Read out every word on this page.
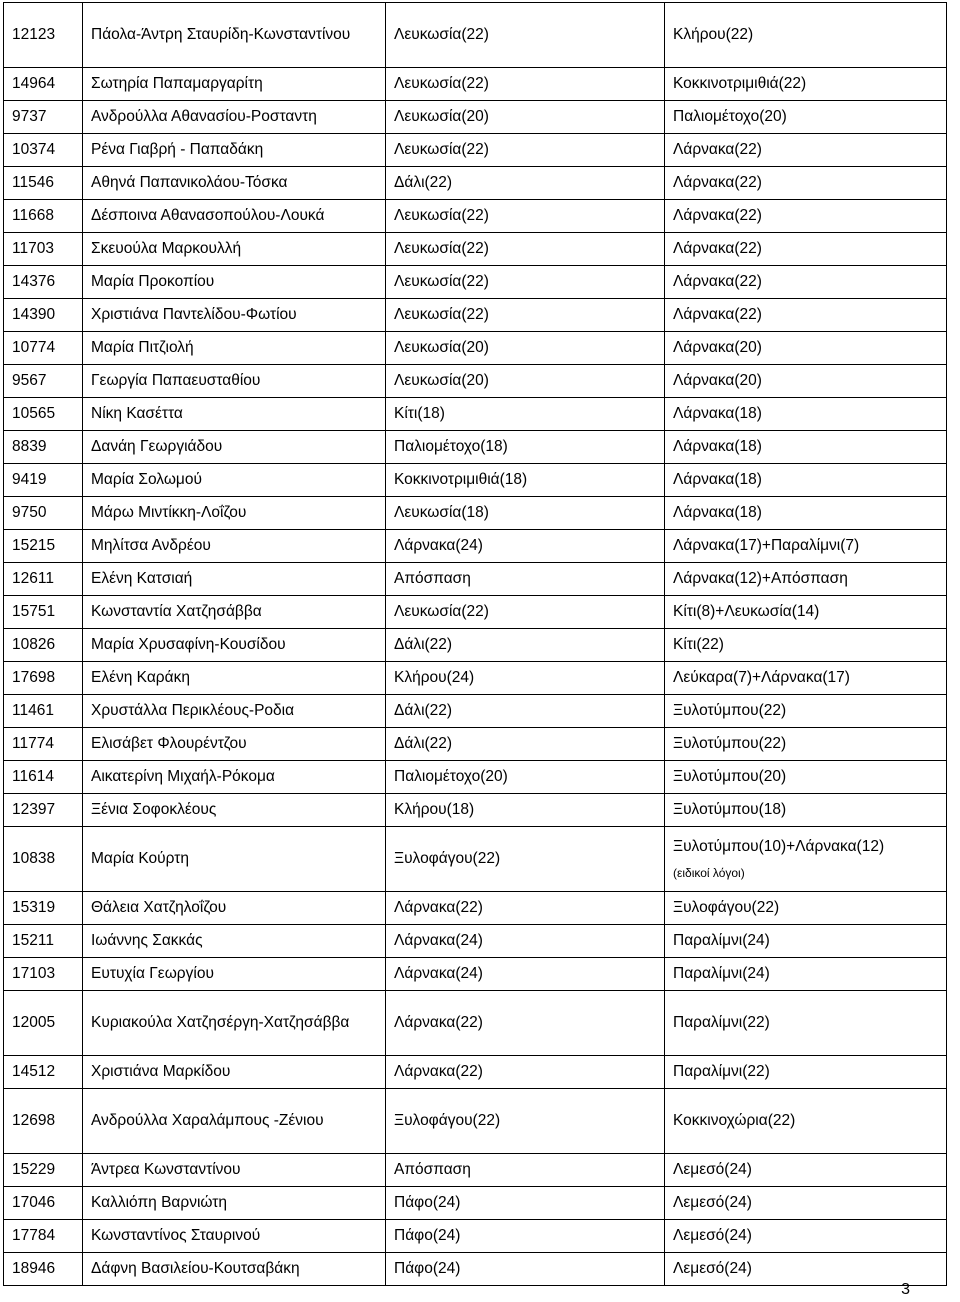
12123	Πάολα-Άντρη Σταυρίδη-Κωνσταντίνου	Λευκωσία(22)	Κλήρου(22)

14964	Σωτηρία Παπαμαργαρίτη	Λευκωσία(22)	Κοκκινοτριμιθιά(22)

9737	Ανδρούλλα Αθανασίου-Ροσταντη	Λευκωσία(20)	Παλιομέτοχο(20)

10374	Ρένα Γιαβρή - Παπαδάκη	Λευκωσία(22)	Λάρνακα(22)

11546	Αθηνά Παπανικολάου-Τόσκα	Δάλι(22)	Λάρνακα(22)

11668	Δέσποινα Αθανασοπούλου-Λουκά	Λευκωσία(22)	Λάρνακα(22)

11703	Σκευούλα Μαρκουλλή	Λευκωσία(22)	Λάρνακα(22)

14376	Μαρία Προκοπίου	Λευκωσία(22)	Λάρνακα(22)

14390	Χριστιάνα Παντελίδου-Φωτίου	Λευκωσία(22)	Λάρνακα(22)

10774	Μαρία Πιτζιολή	Λευκωσία(20)	Λάρνακα(20)

9567	Γεωργία Παπαευσταθίου	Λευκωσία(20)	Λάρνακα(20)

10565	Νίκη Κασέττα	Κίτι(18)	Λάρνακα(18)

8839	Δανάη Γεωργιάδου	Παλιομέτοχο(18)	Λάρνακα(18)

9419	Μαρία Σολωμού	Κοκκινοτριμιθιά(18)	Λάρνακα(18)

9750	Μάρω Μιντίκκη-Λοΐζου	Λευκωσία(18)	Λάρνακα(18)

15215	Μηλίτσα Ανδρέου	Λάρνακα(24)	Λάρνακα(17)+Παραλίμνι(7)

12611	Ελένη Κατσιαή	Απόσπαση	Λάρνακα(12)+Απόσπαση

15751	Κωνσταντία Χατζησάββα	Λευκωσία(22)	Κίτι(8)+Λευκωσία(14)

10826	Μαρία Χρυσαφίνη-Κουσίδου	Δάλι(22)	Κίτι(22)

17698	Ελένη Καράκη	Κλήρου(24)	Λεύκαρα(7)+Λάρνακα(17)

11461	Χρυστάλλα Περικλέους-Ροδια	Δάλι(22)	Ξυλοτύμπου(22)

11774	Ελισάβετ Φλουρέντζου	Δάλι(22)	Ξυλοτύμπου(22)

11614	Αικατερίνη Μιχαήλ-Ρόκομα	Παλιομέτοχο(20)	Ξυλοτύμπου(20)

12397	Ξένια Σοφοκλέους	Κλήρου(18)	Ξυλοτύμπου(18)

10838	Μαρία Κούρτη	Ξυλοφάγου(22)	Ξυλοτύμπου(10)+Λάρνακα(12)
(ειδικοί λόγοι)

15319	Θάλεια Χατζηλοΐζου	Λάρνακα(22)	Ξυλοφάγου(22)

15211	Ιωάννης Σακκάς	Λάρνακα(24)	Παραλίμνι(24)

17103	Ευτυχία Γεωργίου	Λάρνακα(24)	Παραλίμνι(24)

12005	Κυριακούλα Χατζησέργη-Χατζησάββα	Λάρνακα(22)	Παραλίμνι(22)

14512	Χριστιάνα Μαρκίδου	Λάρνακα(22)	Παραλίμνι(22)

12698	Ανδρούλλα Χαραλάμπους -Ζένιου	Ξυλοφάγου(22)	Κοκκινοχώρια(22)

15229	Άντρεα Κωνσταντίνου	Απόσπαση	Λεμεσό(24)

17046	Καλλιόπη Βαρνιώτη	Πάφο(24)	Λεμεσό(24)

17784	Κωνσταντίνος Σταυρινού	Πάφο(24)	Λεμεσό(24)

18946	Δάφνη Βασιλείου-Κουτσαβάκη	Πάφο(24)	Λεμεσό(24)
3
